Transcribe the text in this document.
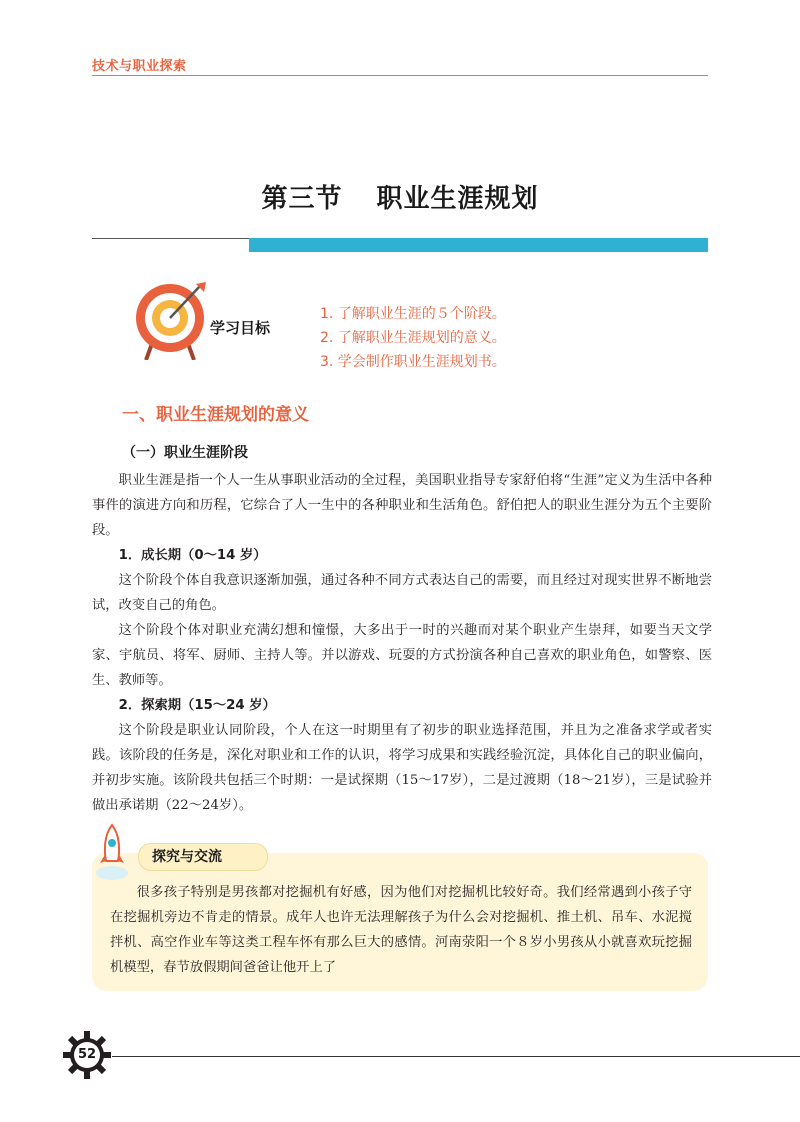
技术与职业探索
第三节 职业生涯规划
学习目标
1. 了解职业生涯的５个阶段。
2. 了解职业生涯规划的意义。
3. 学会制作职业生涯规划书。
一、职业生涯规划的意义
（一）职业生涯阶段

职业生涯是指一个人一生从事职业活动的全过程，美国职业指导专家舒伯将“生涯”定义为生活中各种事件的演进方向和历程，它综合了人一生中的各种职业和生活角色。舒伯把人的职业生涯分为五个主要阶段。

1．成长期（0～14 岁）

这个阶段个体自我意识逐渐加强，通过各种不同方式表达自己的需要，而且经过对现实世界不断地尝试，改变自己的角色。

这个阶段个体对职业充满幻想和憧憬，大多出于一时的兴趣而对某个职业产生崇拜，如要当天文学家、宇航员、将军、厨师、主持人等。并以游戏、玩耍的方式扮演各种自己喜欢的职业角色，如警察、医生、教师等。

2．探索期（15～24 岁）

这个阶段是职业认同阶段，个人在这一时期里有了初步的职业选择范围，并且为之准备求学或者实践。该阶段的任务是，深化对职业和工作的认识，将学习成果和实践经验沉淀，具体化自己的职业偏向，并初步实施。该阶段共包括三个时期：一是试探期（15～17岁），二是过渡期（18～21岁），三是试验并做出承诺期（22～24岁）。

探究与交流

很多孩子特别是男孩都对挖掘机有好感，因为他们对挖掘机比较好奇。我们经常遇到小孩子守在挖掘机旁边不肯走的情景。成年人也许无法理解孩子为什么会对挖掘机、推土机、吊车、水泥搅拌机、高空作业车等这类工程车怀有那么巨大的感情。河南荥阳一个８岁小男孩从小就喜欢玩挖掘机模型，春节放假期间爸爸让他开上了

52
